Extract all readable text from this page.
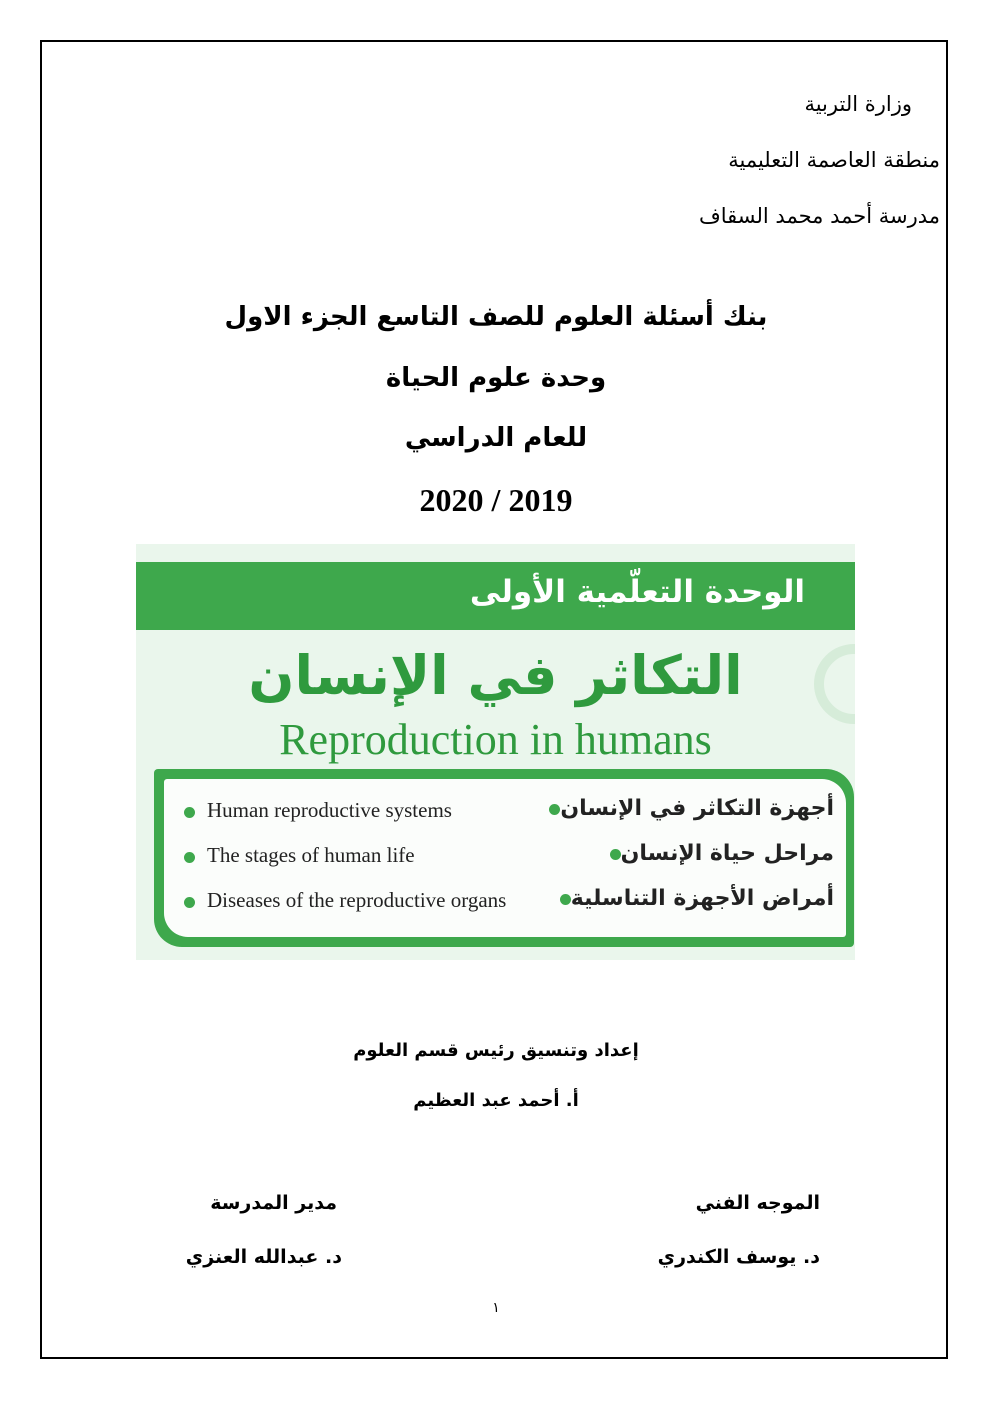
وزارة التربية
منطقة العاصمة التعليمية
مدرسة أحمد محمد السقاف
بنك أسئلة العلوم للصف التاسع الجزء الاول
وحدة علوم الحياة
للعام الدراسي
2020 / 2019
الوحدة التعلّمية الأولى
التكاثر في الإنسان
Reproduction in humans
Human reproductive systems	أجهزة التكاثر في الإنسان
The stages of human life	مراحل حياة الإنسان
Diseases of the reproductive organs	أمراض الأجهزة التناسلية
إعداد وتنسيق رئيس قسم العلوم
أ. أحمد عبد العظيم
الموجه الفني
د. يوسف الكندري
مدير المدرسة
د. عبدالله العنزي
١
